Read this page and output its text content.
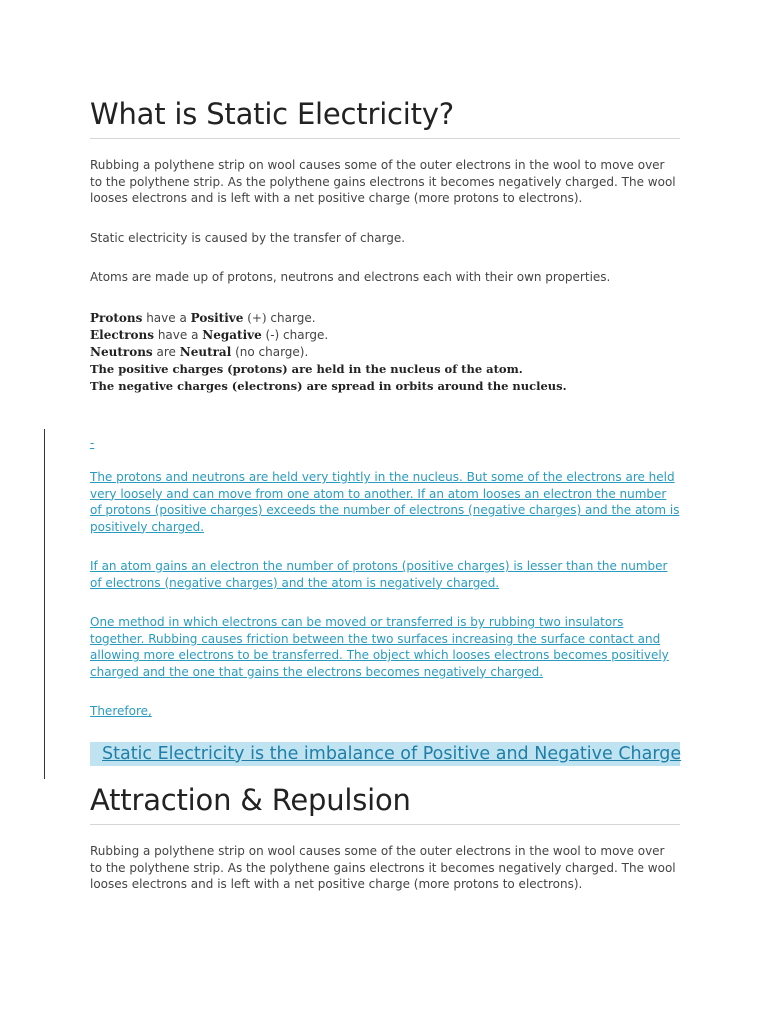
What is Static Electricity?

Rubbing a polythene strip on wool causes some of the outer electrons in the wool to move over to the polythene strip. As the polythene gains electrons it becomes negatively charged. The wool looses electrons and is left with a net positive charge (more protons to electrons).

Static electricity is caused by the transfer of charge.

Atoms are made up of protons, neutrons and electrons each with their own properties.

Protons have a Positive (+) charge.
Electrons have a Negative (-) charge.
Neutrons are Neutral (no charge).
The positive charges (protons) are held in the nucleus of the atom.
The negative charges (electrons) are spread in orbits around the nucleus.
-

The protons and neutrons are held very tightly in the nucleus. But some of the electrons are held very loosely and can move from one atom to another. If an atom looses an electron the number of protons (positive charges) exceeds the number of electrons (negative charges) and the atom is positively charged.

If an atom gains an electron the number of protons (positive charges) is lesser than the number of electrons (negative charges) and the atom is negatively charged.

One method in which electrons can be moved or transferred is by rubbing two insulators together. Rubbing causes friction between the two surfaces increasing the surface contact and allowing more electrons to be transferred. The object which looses electrons becomes positively charged and the one that gains the electrons becomes negatively charged.

Therefore,

Static Electricity is the imbalance of Positive and Negative Charge
Attraction & Repulsion

Rubbing a polythene strip on wool causes some of the outer electrons in the wool to move over to the polythene strip. As the polythene gains electrons it becomes negatively charged. The wool looses electrons and is left with a net positive charge (more protons to electrons).
